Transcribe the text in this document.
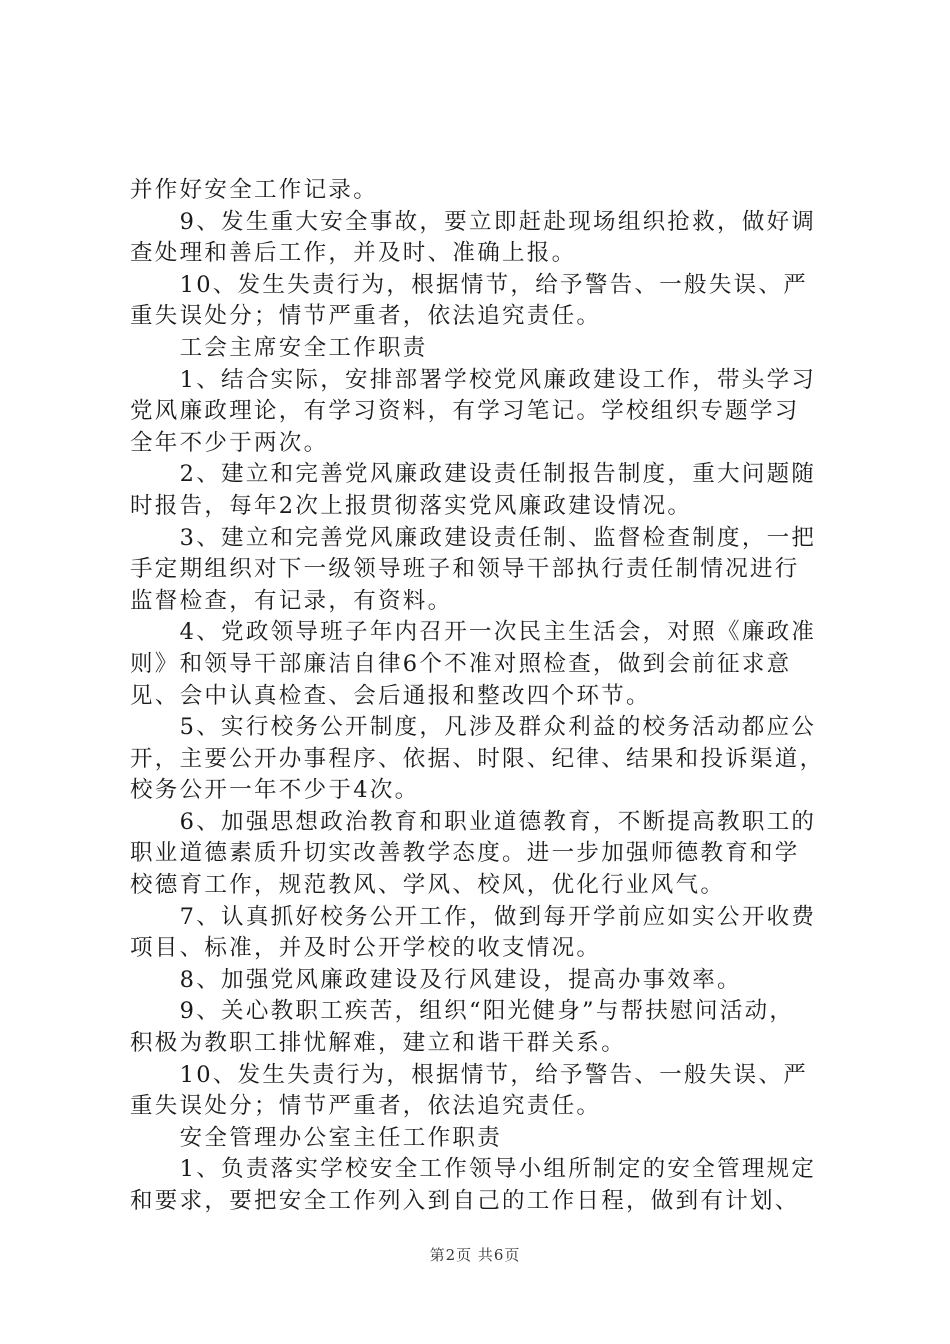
并作好安全工作记录。
　　9、发生重大安全事故，要立即赶赴现场组织抢救，做好调
查处理和善后工作，并及时、准确上报。
　　10、发生失责行为，根据情节，给予警告、一般失误、严
重失误处分；情节严重者，依法追究责任。
　　工会主席安全工作职责
　　1、结合实际，安排部署学校党风廉政建设工作，带头学习
党风廉政理论，有学习资料，有学习笔记。学校组织专题学习
全年不少于两次。
　　2、建立和完善党风廉政建设责任制报告制度，重大问题随
时报告，每年2次上报贯彻落实党风廉政建设情况。
　　3、建立和完善党风廉政建设责任制、监督检查制度，一把
手定期组织对下一级领导班子和领导干部执行责任制情况进行
监督检查，有记录，有资料。
　　4、党政领导班子年内召开一次民主生活会，对照《廉政准
则》和领导干部廉洁自律6个不准对照检查，做到会前征求意
见、会中认真检查、会后通报和整改四个环节。
　　5、实行校务公开制度，凡涉及群众利益的校务活动都应公
开，主要公开办事程序、依据、时限、纪律、结果和投诉渠道，
校务公开一年不少于4次。
　　6、加强思想政治教育和职业道德教育，不断提高教职工的
职业道德素质升切实改善教学态度。进一步加强师德教育和学
校德育工作，规范教风、学风、校风，优化行业风气。
　　7、认真抓好校务公开工作，做到每开学前应如实公开收费
项目、标准，并及时公开学校的收支情况。
　　8、加强党风廉政建设及行风建设，提高办事效率。
　　9、关心教职工疾苦，组织“阳光健身”与帮扶慰问活动，
积极为教职工排忧解难，建立和谐干群关系。
　　10、发生失责行为，根据情节，给予警告、一般失误、严
重失误处分；情节严重者，依法追究责任。
　　安全管理办公室主任工作职责
　　1、负责落实学校安全工作领导小组所制定的安全管理规定
和要求，要把安全工作列入到自己的工作日程，做到有计划、
第2页 共6页
